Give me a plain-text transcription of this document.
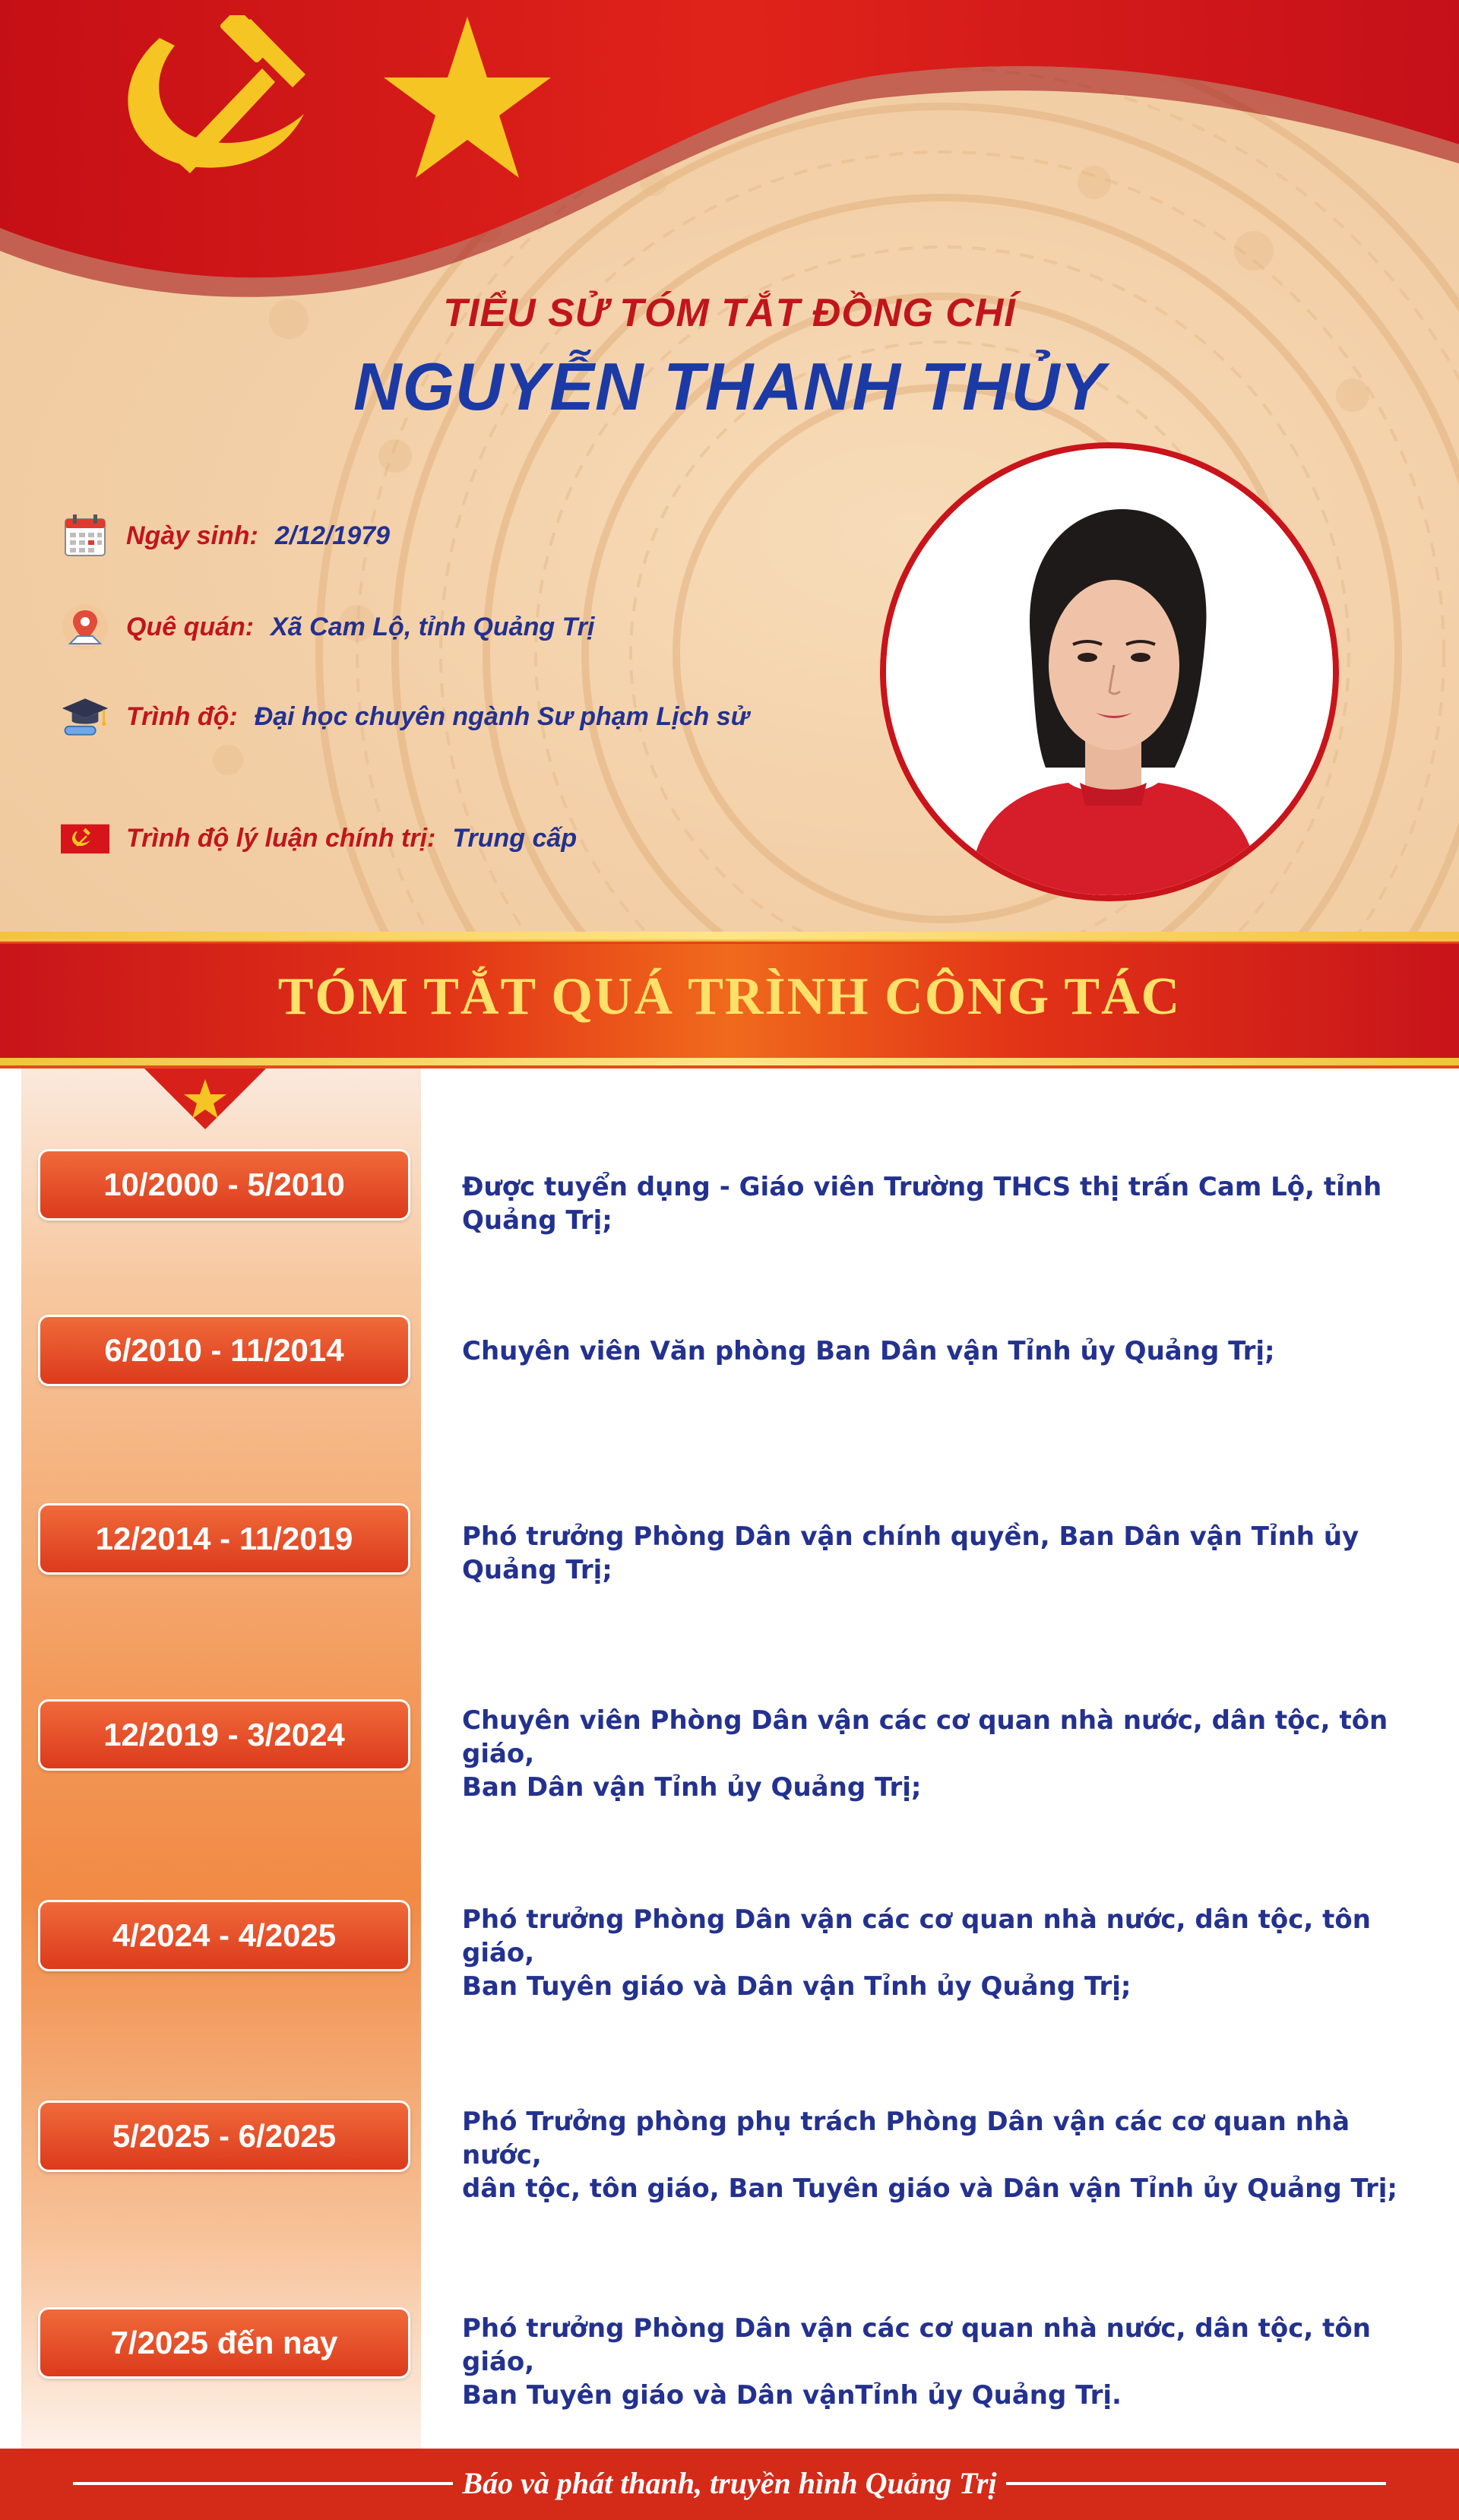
TIỂU SỬ TÓM TẮT ĐỒNG CHÍ
NGUYỄN THANH THỦY
Ngày sinh: 2/12/1979
Quê quán: Xã Cam Lộ, tỉnh Quảng Trị
Trình độ: Đại học chuyên ngành Sư phạm Lịch sử
Trình độ lý luận chính trị: Trung cấp
TÓM TẮT QUÁ TRÌNH CÔNG TÁC
10/2000 - 5/2010	Được tuyển dụng - Giáo viên Trường THCS thị trấn Cam Lộ, tỉnh Quảng Trị;
6/2010 - 11/2014	Chuyên viên Văn phòng Ban Dân vận Tỉnh ủy Quảng Trị;
12/2014 - 11/2019	Phó trưởng Phòng Dân vận chính quyền, Ban Dân vận Tỉnh ủy Quảng Trị;
12/2019 - 3/2024	Chuyên viên Phòng Dân vận các cơ quan nhà nước, dân tộc, tôn giáo,
Ban Dân vận Tỉnh ủy Quảng Trị;
4/2024 - 4/2025	Phó trưởng Phòng Dân vận các cơ quan nhà nước, dân tộc, tôn giáo,
Ban Tuyên giáo và Dân vận Tỉnh ủy Quảng Trị;
5/2025 - 6/2025	Phó Trưởng phòng phụ trách Phòng Dân vận các cơ quan nhà nước,
dân tộc, tôn giáo, Ban Tuyên giáo và Dân vận Tỉnh ủy Quảng Trị;
7/2025 đến nay	Phó trưởng Phòng Dân vận các cơ quan nhà nước, dân tộc, tôn giáo,
Ban Tuyên giáo và Dân vậnTỉnh ủy Quảng Trị.
Báo và phát thanh, truyền hình Quảng Trị
